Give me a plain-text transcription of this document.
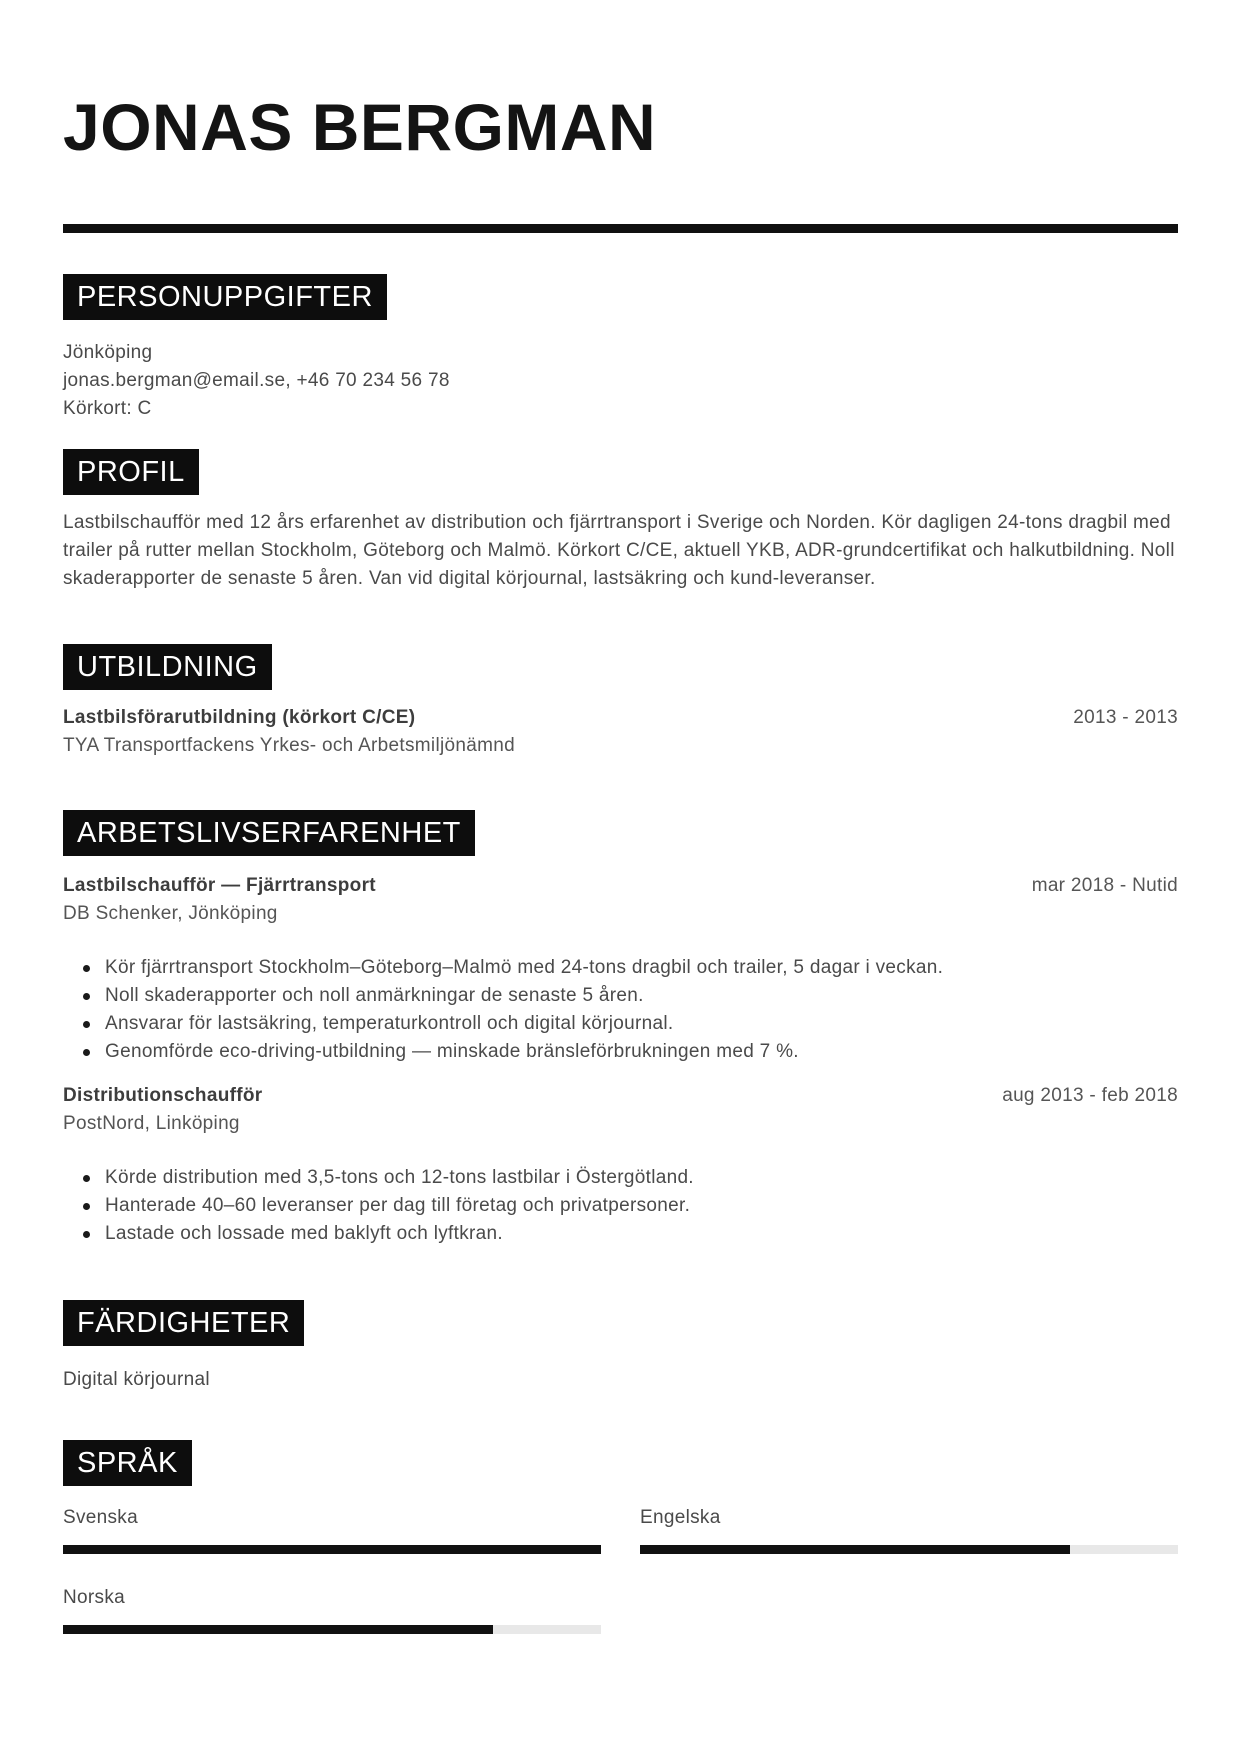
JONAS BERGMAN
PERSONUPPGIFTER
Jönköping
jonas.bergman@email.se, +46 70 234 56 78
Körkort: C
PROFIL

Lastbilschaufför med 12 års erfarenhet av distribution och fjärrtransport i Sverige och Norden. Kör dagligen 24-tons dragbil med trailer på rutter mellan Stockholm, Göteborg och Malmö. Körkort C/CE, aktuell YKB, ADR-grundcertifikat och halkutbildning. Noll skaderapporter de senaste 5 åren. Van vid digital körjournal, lastsäkring och kund-leveranser.

UTBILDNING
Lastbilsförarutbildning (körkort C/CE)	2013 - 2013
TYA Transportfackens Yrkes- och Arbetsmiljönämnd
ARBETSLIVSERFARENHET
Lastbilschaufför — Fjärrtransport	mar 2018 - Nutid
DB Schenker, Jönköping
Kör fjärrtransport Stockholm–Göteborg–Malmö med 24-tons dragbil och trailer, 5 dagar i veckan.
Noll skaderapporter och noll anmärkningar de senaste 5 åren.
Ansvarar för lastsäkring, temperaturkontroll och digital körjournal.
Genomförde eco-driving-utbildning — minskade bränsleförbrukningen med 7 %.
Distributionschaufför	aug 2013 - feb 2018
PostNord, Linköping
Körde distribution med 3,5-tons och 12-tons lastbilar i Östergötland.
Hanterade 40–60 leveranser per dag till företag och privatpersoner.
Lastade och lossade med baklyft och lyftkran.
FÄRDIGHETER
Digital körjournal
SPRÅK
Svenska	Engelska
Norska
